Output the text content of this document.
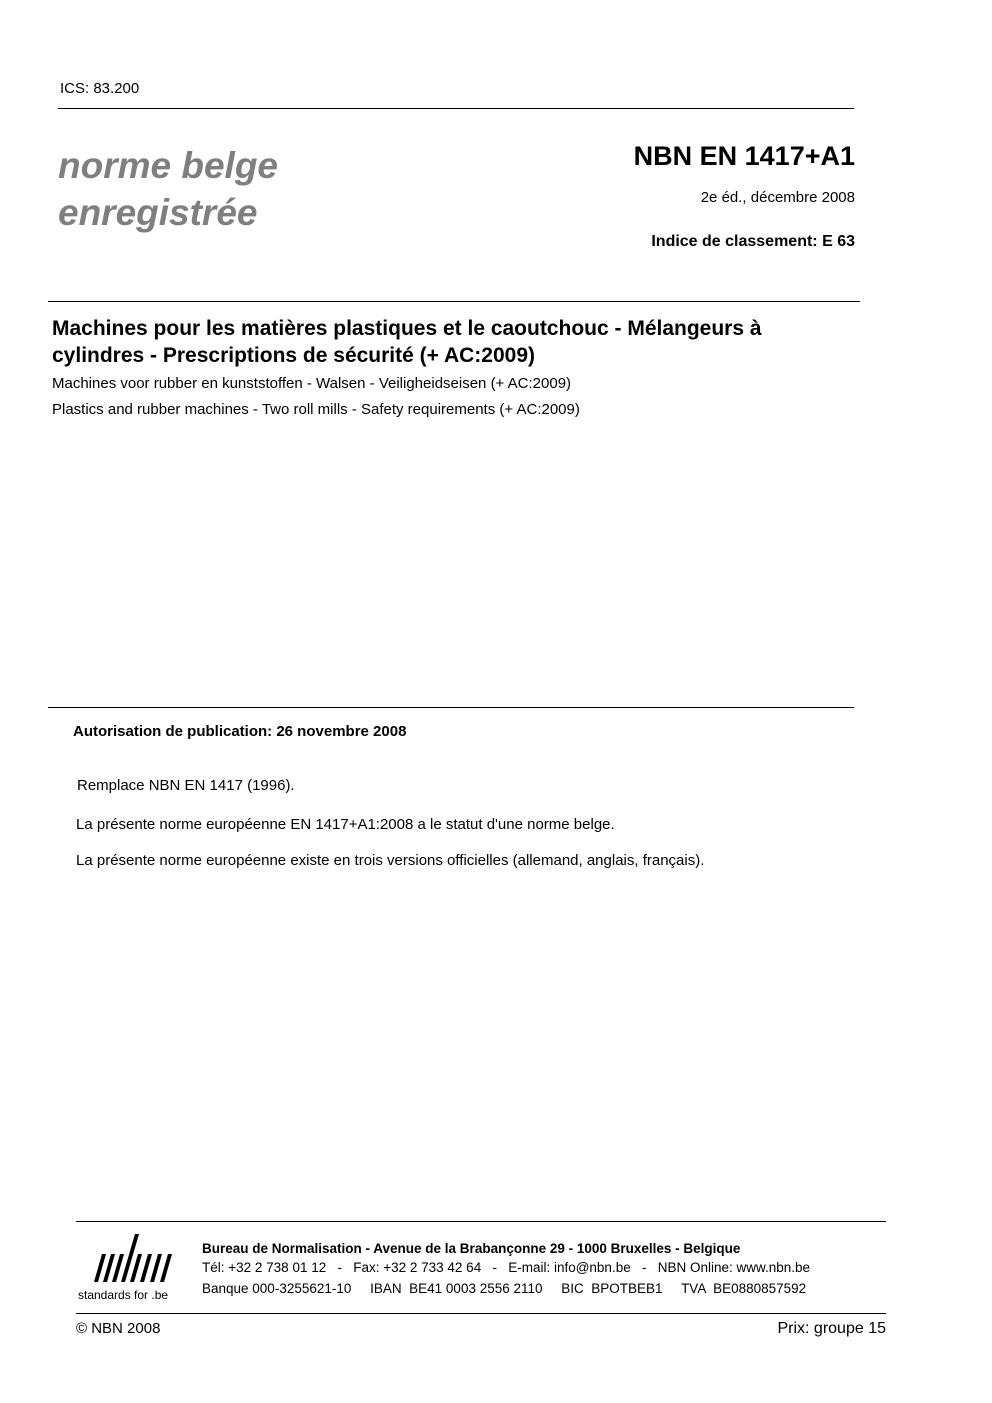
ICS: 83.200
norme belge
enregistrée
NBN EN 1417+A1
2e éd., décembre 2008
Indice de classement: E 63
Machines pour les matières plastiques et le caoutchouc - Mélangeurs à cylindres - Prescriptions de sécurité (+ AC:2009)
Machines voor rubber en kunststoffen - Walsen - Veiligheidseisen (+ AC:2009)
Plastics and rubber machines - Two roll mills - Safety requirements (+ AC:2009)
Autorisation de publication: 26 novembre 2008
Remplace NBN EN 1417 (1996).
La présente norme européenne EN 1417+A1:2008 a le statut d'une norme belge.
La présente norme européenne existe en trois versions officielles (allemand, anglais, français).
standards for .be
Bureau de Normalisation - Avenue de la Brabançonne 29 - 1000 Bruxelles - Belgique
Tél: +32 2 738 01 12   -   Fax: +32 2 733 42 64   -   E-mail: info@nbn.be   -   NBN Online: www.nbn.be
Banque 000-3255621-10     IBAN  BE41 0003 2556 2110     BIC  BPOTBEB1     TVA  BE0880857592
© NBN 2008	Prix: groupe 15
